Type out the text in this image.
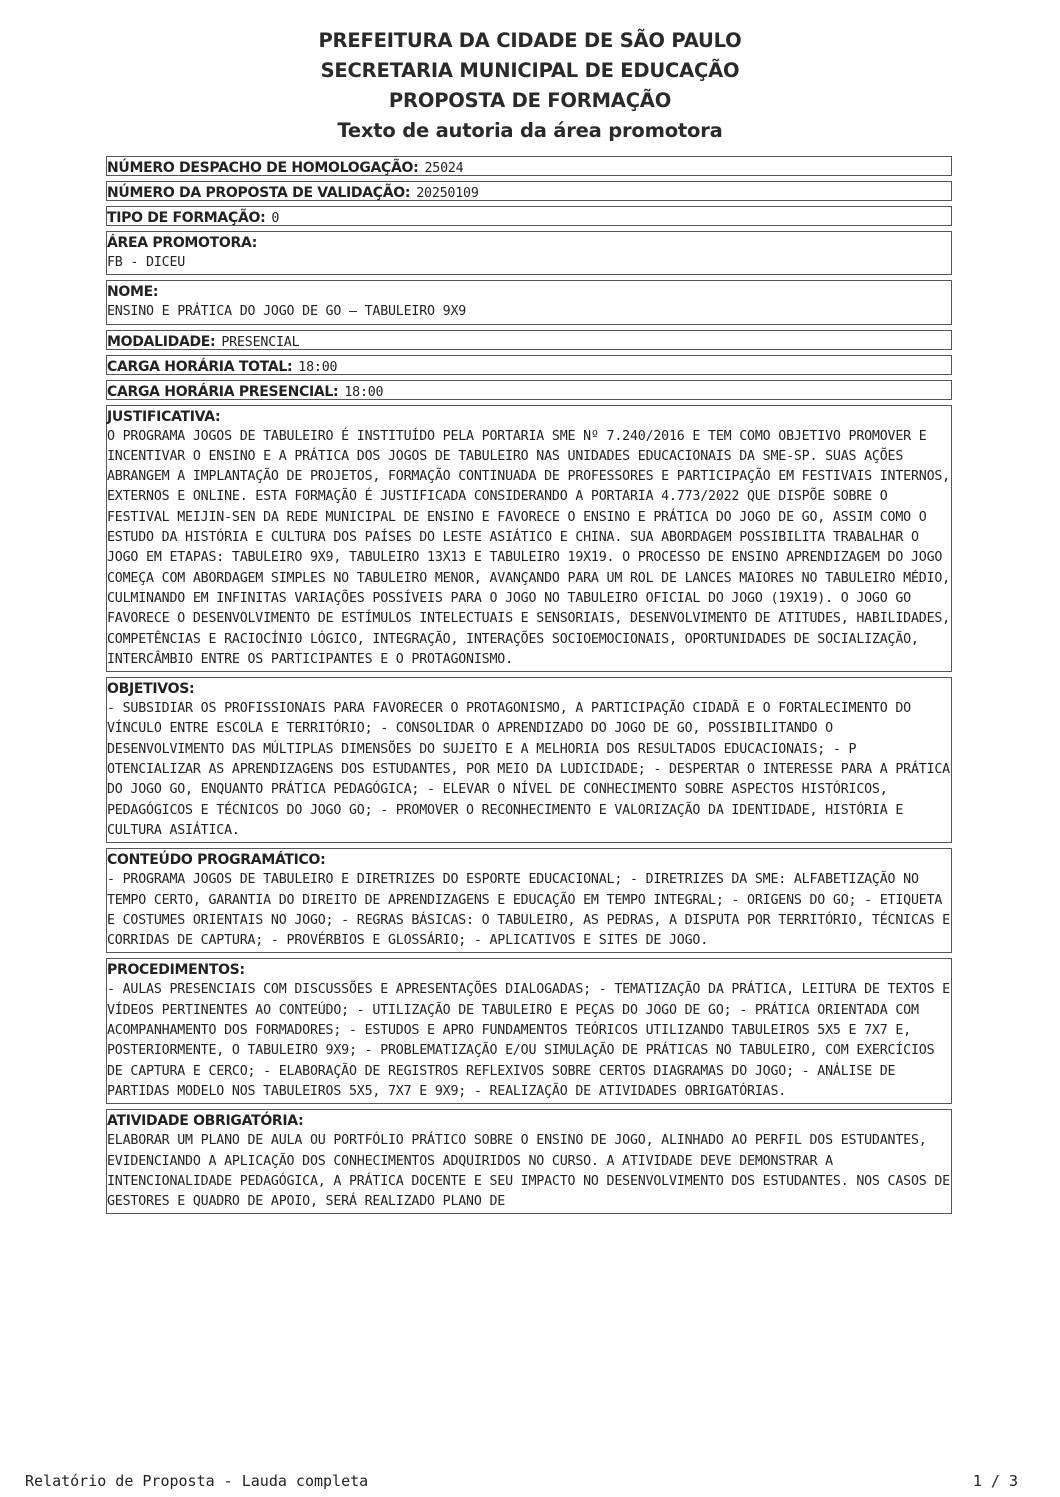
PREFEITURA DA CIDADE DE SÃO PAULO
SECRETARIA MUNICIPAL DE EDUCAÇÃO
PROPOSTA DE FORMAÇÃO
Texto de autoria da área promotora
NÚMERO DESPACHO DE HOMOLOGAÇÃO: 25024
NÚMERO DA PROPOSTA DE VALIDAÇÃO: 20250109
TIPO DE FORMAÇÃO: 0
ÁREA PROMOTORA:
FB - DICEU
NOME:
ENSINO E PRÁTICA DO JOGO DE GO – TABULEIRO 9X9
MODALIDADE: PRESENCIAL
CARGA HORÁRIA TOTAL: 18:00
CARGA HORÁRIA PRESENCIAL: 18:00
JUSTIFICATIVA:
O PROGRAMA JOGOS DE TABULEIRO É INSTITUÍDO PELA PORTARIA SME Nº 7.240/2016 E TEM COMO OBJETIVO PROMOVER E INCENTIVAR O ENSINO E A PRÁTICA DOS JOGOS DE TABULEIRO NAS UNIDADES EDUCACIONAIS DA SME-SP. SUAS AÇÕES ABRANGEM A IMPLANTAÇÃO DE PROJETOS, FORMAÇÃO CONTINUADA DE PROFESSORES E PARTICIPAÇÃO EM FESTIVAIS INTERNOS, EXTERNOS E ONLINE. ESTA FORMAÇÃO É JUSTIFICADA CONSIDERANDO A PORTARIA 4.773/2022 QUE DISPÕE SOBRE O FESTIVAL MEIJIN-SEN DA REDE MUNICIPAL DE ENSINO E FAVORECE O ENSINO E PRÁTICA DO JOGO DE GO, ASSIM COMO O ESTUDO DA HISTÓRIA E CULTURA DOS PAÍSES DO LESTE ASIÁTICO E CHINA. SUA ABORDAGEM POSSIBILITA TRABALHAR O JOGO EM ETAPAS: TABULEIRO 9X9, TABULEIRO 13X13 E TABULEIRO 19X19. O PROCESSO DE ENSINO APRENDIZAGEM DO JOGO COMEÇA COM ABORDAGEM SIMPLES NO TABULEIRO MENOR, AVANÇANDO PARA UM ROL DE LANCES MAIORES NO TABULEIRO MÉDIO, CULMINANDO EM INFINITAS VARIAÇÕES POSSÍVEIS PARA O JOGO NO TABULEIRO OFICIAL DO JOGO (19X19). O JOGO GO FAVORECE O DESENVOLVIMENTO DE ESTÍMULOS INTELECTUAIS E SENSORIAIS, DESENVOLVIMENTO DE ATITUDES, HABILIDADES, COMPETÊNCIAS E RACIOCÍNIO LÓGICO, INTEGRAÇÃO, INTERAÇÕES SOCIOEMOCIONAIS, OPORTUNIDADES DE SOCIALIZAÇÃO, INTERCÂMBIO ENTRE OS PARTICIPANTES E O PROTAGONISMO.
OBJETIVOS:
- SUBSIDIAR OS PROFISSIONAIS PARA FAVORECER O PROTAGONISMO, A PARTICIPAÇÃO CIDADÃ E O FORTALECIMENTO DO VÍNCULO ENTRE ESCOLA E TERRITÓRIO; - CONSOLIDAR O APRENDIZADO DO JOGO DE GO, POSSIBILITANDO O DESENVOLVIMENTO DAS MÚLTIPLAS DIMENSÕES DO SUJEITO E A MELHORIA DOS RESULTADOS EDUCACIONAIS; - P OTENCIALIZAR AS APRENDIZAGENS DOS ESTUDANTES, POR MEIO DA LUDICIDADE; - DESPERTAR O INTERESSE PARA A PRÁTICA DO JOGO GO, ENQUANTO PRÁTICA PEDAGÓGICA; - ELEVAR O NÍVEL DE CONHECIMENTO SOBRE ASPECTOS HISTÓRICOS, PEDAGÓGICOS E TÉCNICOS DO JOGO GO; - PROMOVER O RECONHECIMENTO E VALORIZAÇÃO DA IDENTIDADE, HISTÓRIA E CULTURA ASIÁTICA.
CONTEÚDO PROGRAMÁTICO:
- PROGRAMA JOGOS DE TABULEIRO E DIRETRIZES DO ESPORTE EDUCACIONAL; - DIRETRIZES DA SME: ALFABETIZAÇÃO NO TEMPO CERTO, GARANTIA DO DIREITO DE APRENDIZAGENS E EDUCAÇÃO EM TEMPO INTEGRAL; - ORIGENS DO GO; - ETIQUETA E COSTUMES ORIENTAIS NO JOGO; - REGRAS BÁSICAS: O TABULEIRO, AS PEDRAS, A DISPUTA POR TERRITÓRIO, TÉCNICAS E CORRIDAS DE CAPTURA; - PROVÉRBIOS E GLOSSÁRIO; - APLICATIVOS E SITES DE JOGO.
PROCEDIMENTOS:
- AULAS PRESENCIAIS COM DISCUSSÕES E APRESENTAÇÕES DIALOGADAS; - TEMATIZAÇÃO DA PRÁTICA, LEITURA DE TEXTOS E VÍDEOS PERTINENTES AO CONTEÚDO; - UTILIZAÇÃO DE TABULEIRO E PEÇAS DO JOGO DE GO; - PRÁTICA ORIENTADA COM ACOMPANHAMENTO DOS FORMADORES; - ESTUDOS E APRO FUNDAMENTOS TEÓRICOS UTILIZANDO TABULEIROS 5X5 E 7X7 E, POSTERIORMENTE, O TABULEIRO 9X9; - PROBLEMATIZAÇÃO E/OU SIMULAÇÃO DE PRÁTICAS NO TABULEIRO, COM EXERCÍCIOS DE CAPTURA E CERCO; - ELABORAÇÃO DE REGISTROS REFLEXIVOS SOBRE CERTOS DIAGRAMAS DO JOGO; - ANÁLISE DE PARTIDAS MODELO NOS TABULEIROS 5X5, 7X7 E 9X9; - REALIZAÇÃO DE ATIVIDADES OBRIGATÓRIAS.
ATIVIDADE OBRIGATÓRIA:
ELABORAR UM PLANO DE AULA OU PORTFÓLIO PRÁTICO SOBRE O ENSINO DE JOGO, ALINHADO AO PERFIL DOS ESTUDANTES, EVIDENCIANDO A APLICAÇÃO DOS CONHECIMENTOS ADQUIRIDOS NO CURSO. A ATIVIDADE DEVE DEMONSTRAR A INTENCIONALIDADE PEDAGÓGICA, A PRÁTICA DOCENTE E SEU IMPACTO NO DESENVOLVIMENTO DOS ESTUDANTES. NOS CASOS DE GESTORES E QUADRO DE APOIO, SERÁ REALIZADO PLANO DE
Relatório de Proposta - Lauda completa	1 / 3
